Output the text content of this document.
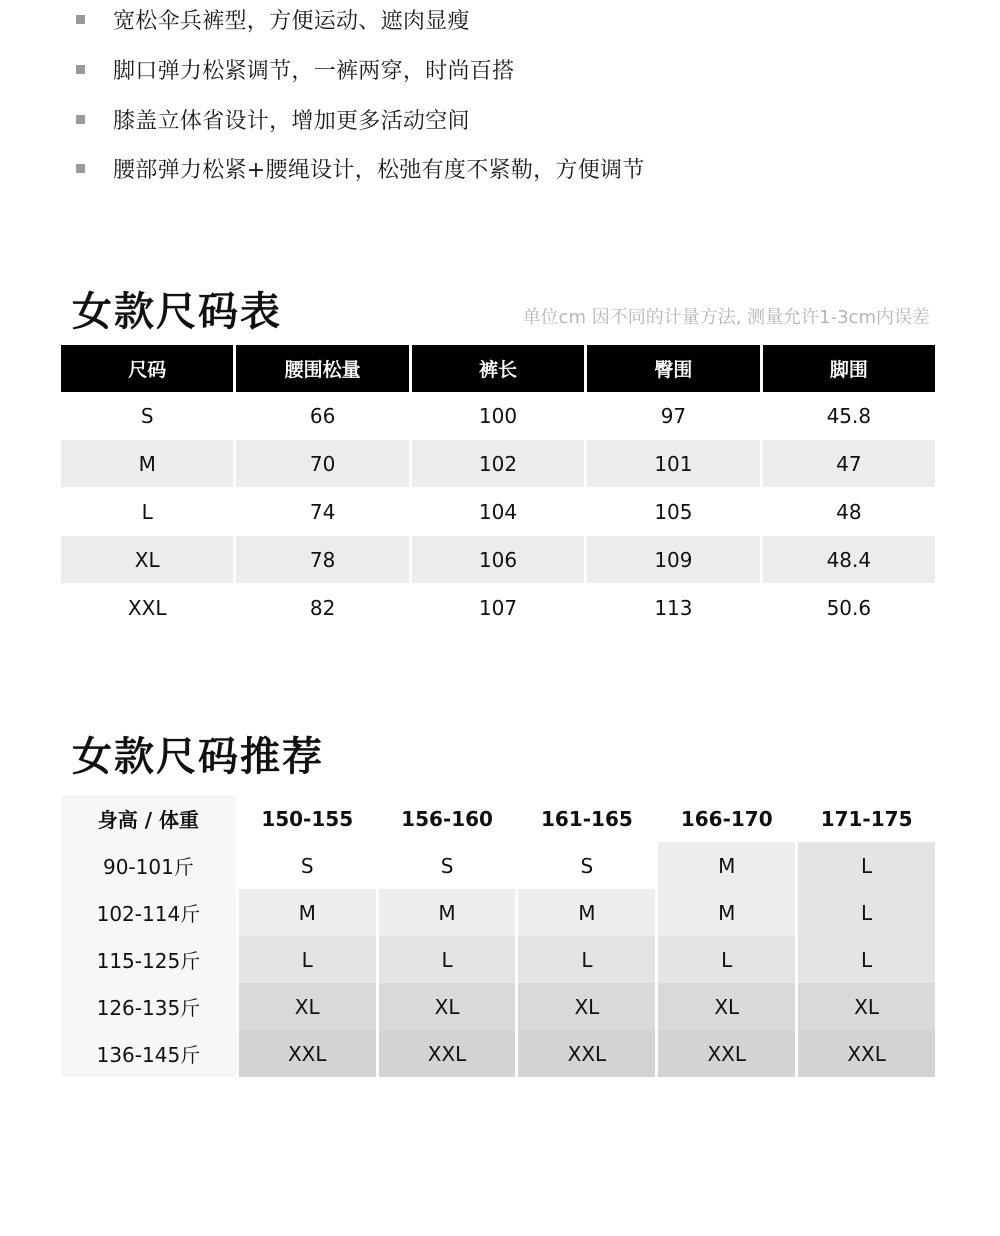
宽松伞兵裤型，方便运动、遮肉显瘦
脚口弹力松紧调节，一裤两穿，时尚百搭
膝盖立体省设计，增加更多活动空间
腰部弹力松紧+腰绳设计，松弛有度不紧勒，方便调节
女款尺码表	单位cm 因不同的计量方法, 测量允许1-3cm内误差
尺码	腰围松量	裤长	臀围	脚围
S	66	100	97	45.8
M	70	102	101	47
L	74	104	105	48
XL	78	106	109	48.4
XXL	82	107	113	50.6
女款尺码推荐
身高 / 体重	150-155	156-160	161-165	166-170	171-175
90-101斤	S	S	S	M	L
102-114斤	M	M	M	M	L
115-125斤	L	L	L	L	L
126-135斤	XL	XL	XL	XL	XL
136-145斤	XXL	XXL	XXL	XXL	XXL
